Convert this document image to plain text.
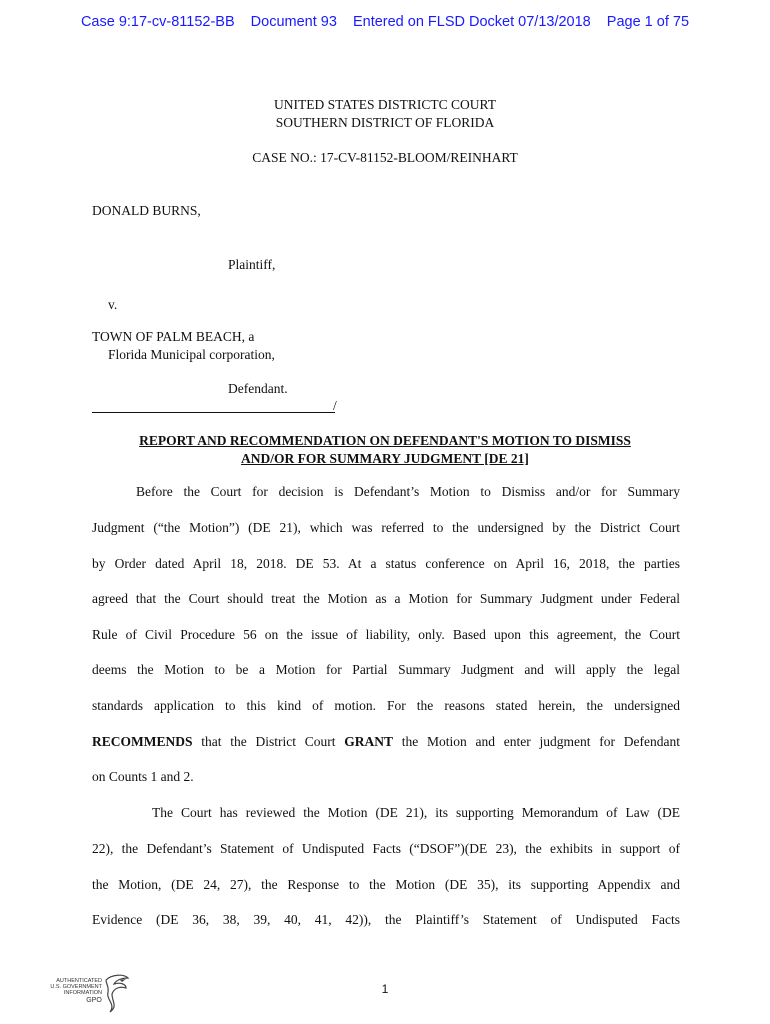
Case 9:17-cv-81152-BB Document 93 Entered on FLSD Docket 07/13/2018 Page 1 of 75
UNITED STATES DISTRICTC COURT
SOUTHERN DISTRICT OF FLORIDA
CASE NO.: 17-CV-81152-BLOOM/REINHART
DONALD BURNS,
Plaintiff,
v.
TOWN OF PALM BEACH, a
Florida Municipal corporation,
Defendant.
/
REPORT AND RECOMMENDATION ON DEFENDANT'S MOTION TO DISMISS
AND/OR FOR SUMMARY JUDGMENT [DE 21]
Before the Court for decision is Defendant’s Motion to Dismiss and/or for Summary
Judgment (“the Motion”) (DE 21), which was referred to the undersigned by the District Court
by Order dated April 18, 2018. DE 53. At a status conference on April 16, 2018, the parties
agreed that the Court should treat the Motion as a Motion for Summary Judgment under Federal
Rule of Civil Procedure 56 on the issue of liability, only. Based upon this agreement, the Court
deems the Motion to be a Motion for Partial Summary Judgment and will apply the legal
standards application to this kind of motion. For the reasons stated herein, the undersigned
RECOMMENDS that the District Court GRANT the Motion and enter judgment for Defendant
on Counts 1 and 2.
The Court has reviewed the Motion (DE 21), its supporting Memorandum of Law (DE
22), the Defendant’s Statement of Undisputed Facts (“DSOF”)(DE 23), the exhibits in support of
the Motion, (DE 24, 27), the Response to the Motion (DE 35), its supporting Appendix and
Evidence (DE 36, 38, 39, 40, 41, 42)), the Plaintiff’s Statement of Undisputed Facts
1
AUTHENTICATED
U.S. GOVERNMENT
INFORMATION
GPO
